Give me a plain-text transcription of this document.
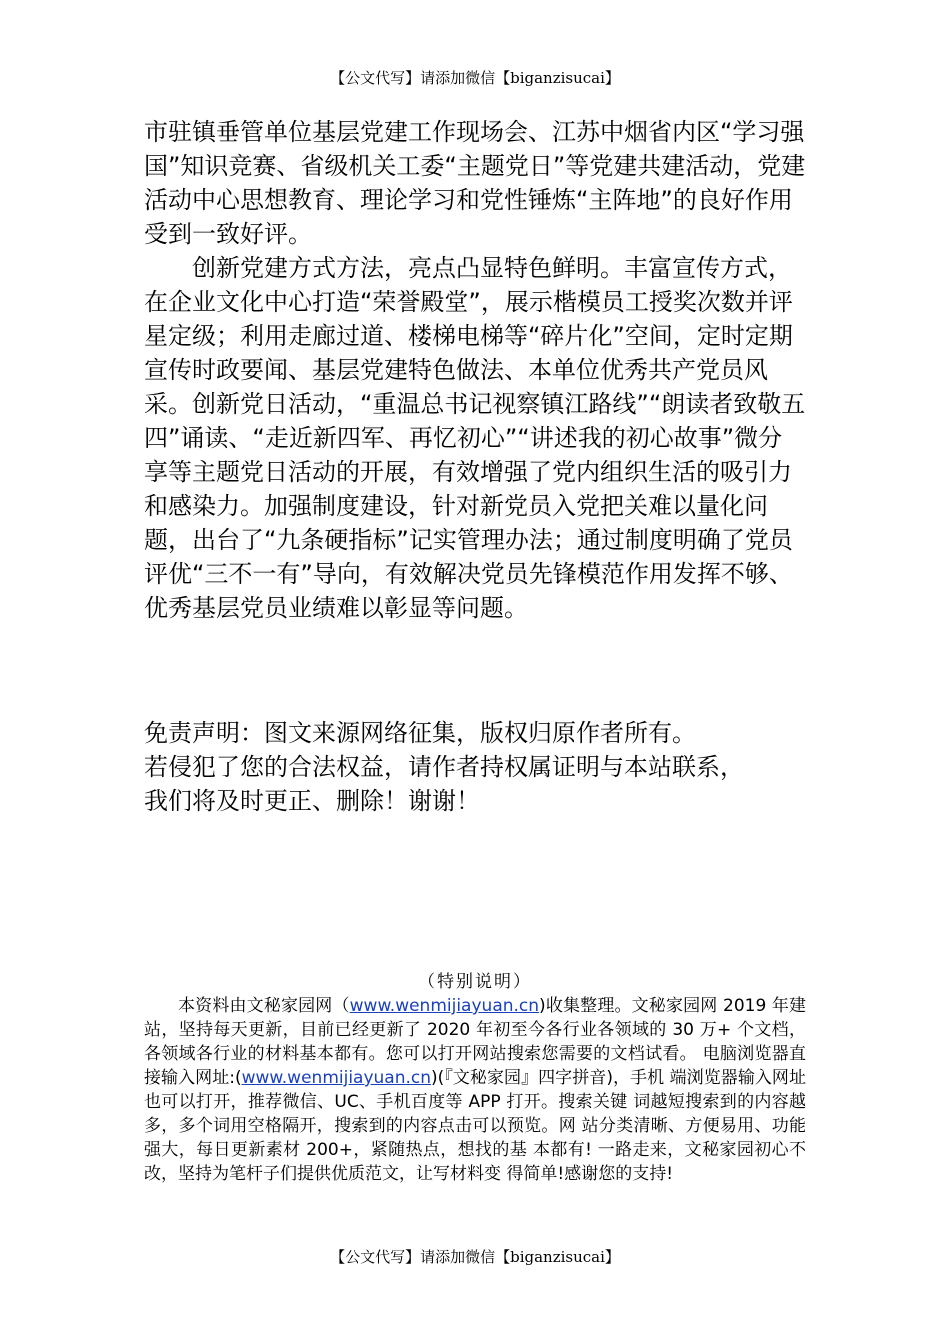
【公文代写】请添加微信【biganzisucai】

市驻镇垂管单位基层党建工作现场会、江苏中烟省内区“学习强国”知识竞赛、省级机关工委“主题党日”等党建共建活动，党建活动中心思想教育、理论学习和党性锤炼“主阵地”的良好作用受到一致好评。

创新党建方式方法，亮点凸显特色鲜明。丰富宣传方式，在企业文化中心打造“荣誉殿堂”，展示楷模员工授奖次数并评星定级；利用走廊过道、楼梯电梯等“碎片化”空间，定时定期宣传时政要闻、基层党建特色做法、本单位优秀共产党员风采。创新党日活动，“重温总书记视察镇江路线”“朗读者致敬五四”诵读、“走近新四军、再忆初心”“讲述我的初心故事”微分享等主题党日活动的开展，有效增强了党内组织生活的吸引力和感染力。加强制度建设，针对新党员入党把关难以量化问题，出台了“九条硬指标”记实管理办法；通过制度明确了党员评优“三不一有”导向，有效解决党员先锋模范作用发挥不够、优秀基层党员业绩难以彰显等问题。

免责声明：图文来源网络征集，版权归原作者所有。

若侵犯了您的合法权益，请作者持权属证明与本站联系，

我们将及时更正、删除！谢谢！

（特别说明）

本资料由文秘家园网（www.wenmijiayuan.cn)收集整理。文秘家园网 2019 年建站，坚持每天更新，目前已经更新了 2020 年初至今各行业各领域的 30 万+ 个文档，各领域各行业的材料基本都有。您可以打开网站搜索您需要的文档试看。 电脑浏览器直接输入网址:(www.wenmijiayuan.cn)(『文秘家园』四字拼音)，手机 端浏览器输入网址也可以打开，推荐微信、UC、手机百度等 APP 打开。搜索关键 词越短搜索到的内容越多，多个词用空格隔开，搜索到的内容点击可以预览。网 站分类清晰、方便易用、功能强大，每日更新素材 200+，紧随热点，想找的基 本都有! 一路走来，文秘家园初心不改，坚持为笔杆子们提供优质范文，让写材料变 得简单!感谢您的支持!

【公文代写】请添加微信【biganzisucai】
